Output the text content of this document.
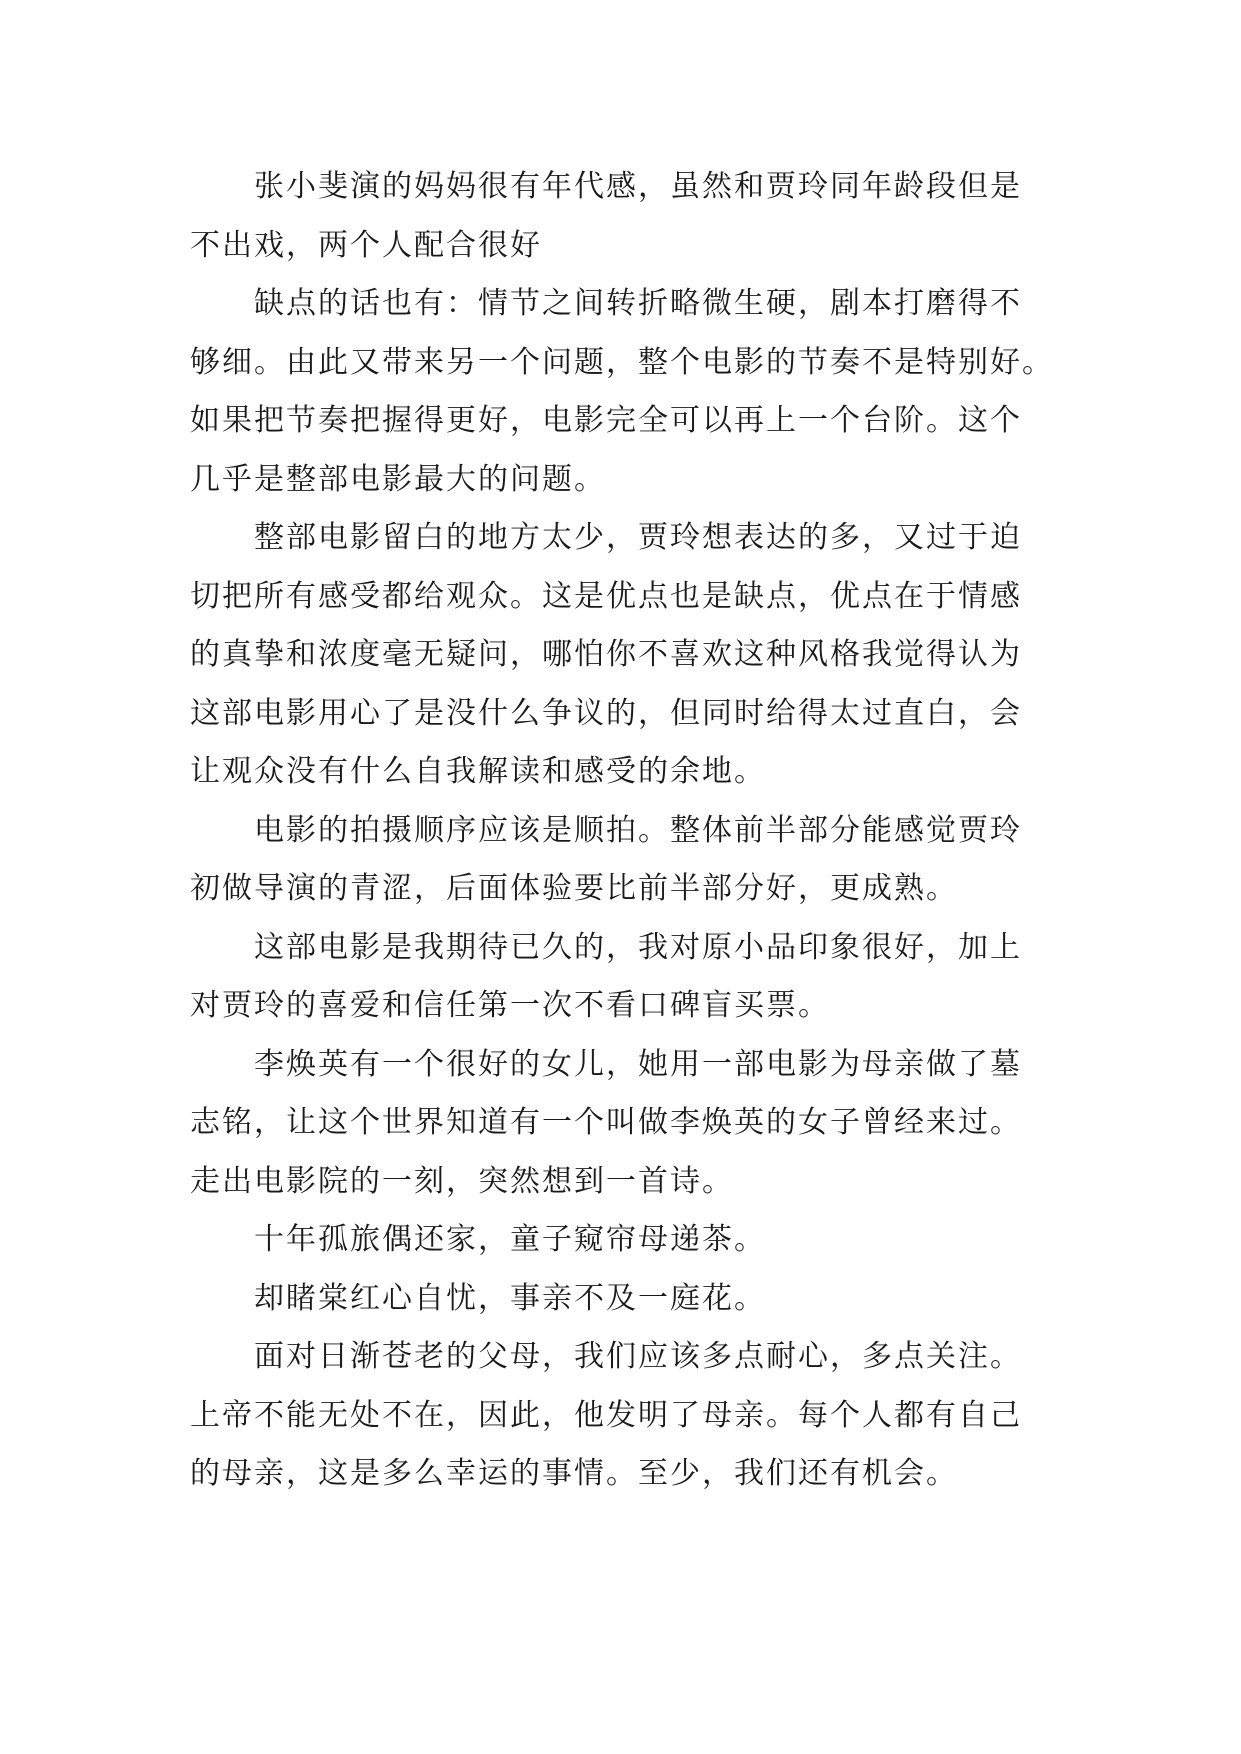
张小斐演的妈妈很有年代感，虽然和贾玲同年龄段但是
不出戏，两个人配合很好

缺点的话也有：情节之间转折略微生硬，剧本打磨得不
够细。由此又带来另一个问题，整个电影的节奏不是特别好。
如果把节奏把握得更好，电影完全可以再上一个台阶。这个
几乎是整部电影最大的问题。

整部电影留白的地方太少，贾玲想表达的多，又过于迫
切把所有感受都给观众。这是优点也是缺点，优点在于情感
的真挚和浓度毫无疑问，哪怕你不喜欢这种风格我觉得认为
这部电影用心了是没什么争议的，但同时给得太过直白，会
让观众没有什么自我解读和感受的余地。

电影的拍摄顺序应该是顺拍。整体前半部分能感觉贾玲
初做导演的青涩，后面体验要比前半部分好，更成熟。

这部电影是我期待已久的，我对原小品印象很好，加上
对贾玲的喜爱和信任第一次不看口碑盲买票。

李焕英有一个很好的女儿，她用一部电影为母亲做了墓
志铭，让这个世界知道有一个叫做李焕英的女子曾经来过。
走出电影院的一刻，突然想到一首诗。

十年孤旅偶还家，童子窥帘母递茶。

却睹棠红心自忧，事亲不及一庭花。

面对日渐苍老的父母，我们应该多点耐心，多点关注。
上帝不能无处不在，因此，他发明了母亲。每个人都有自己
的母亲，这是多么幸运的事情。至少，我们还有机会。
